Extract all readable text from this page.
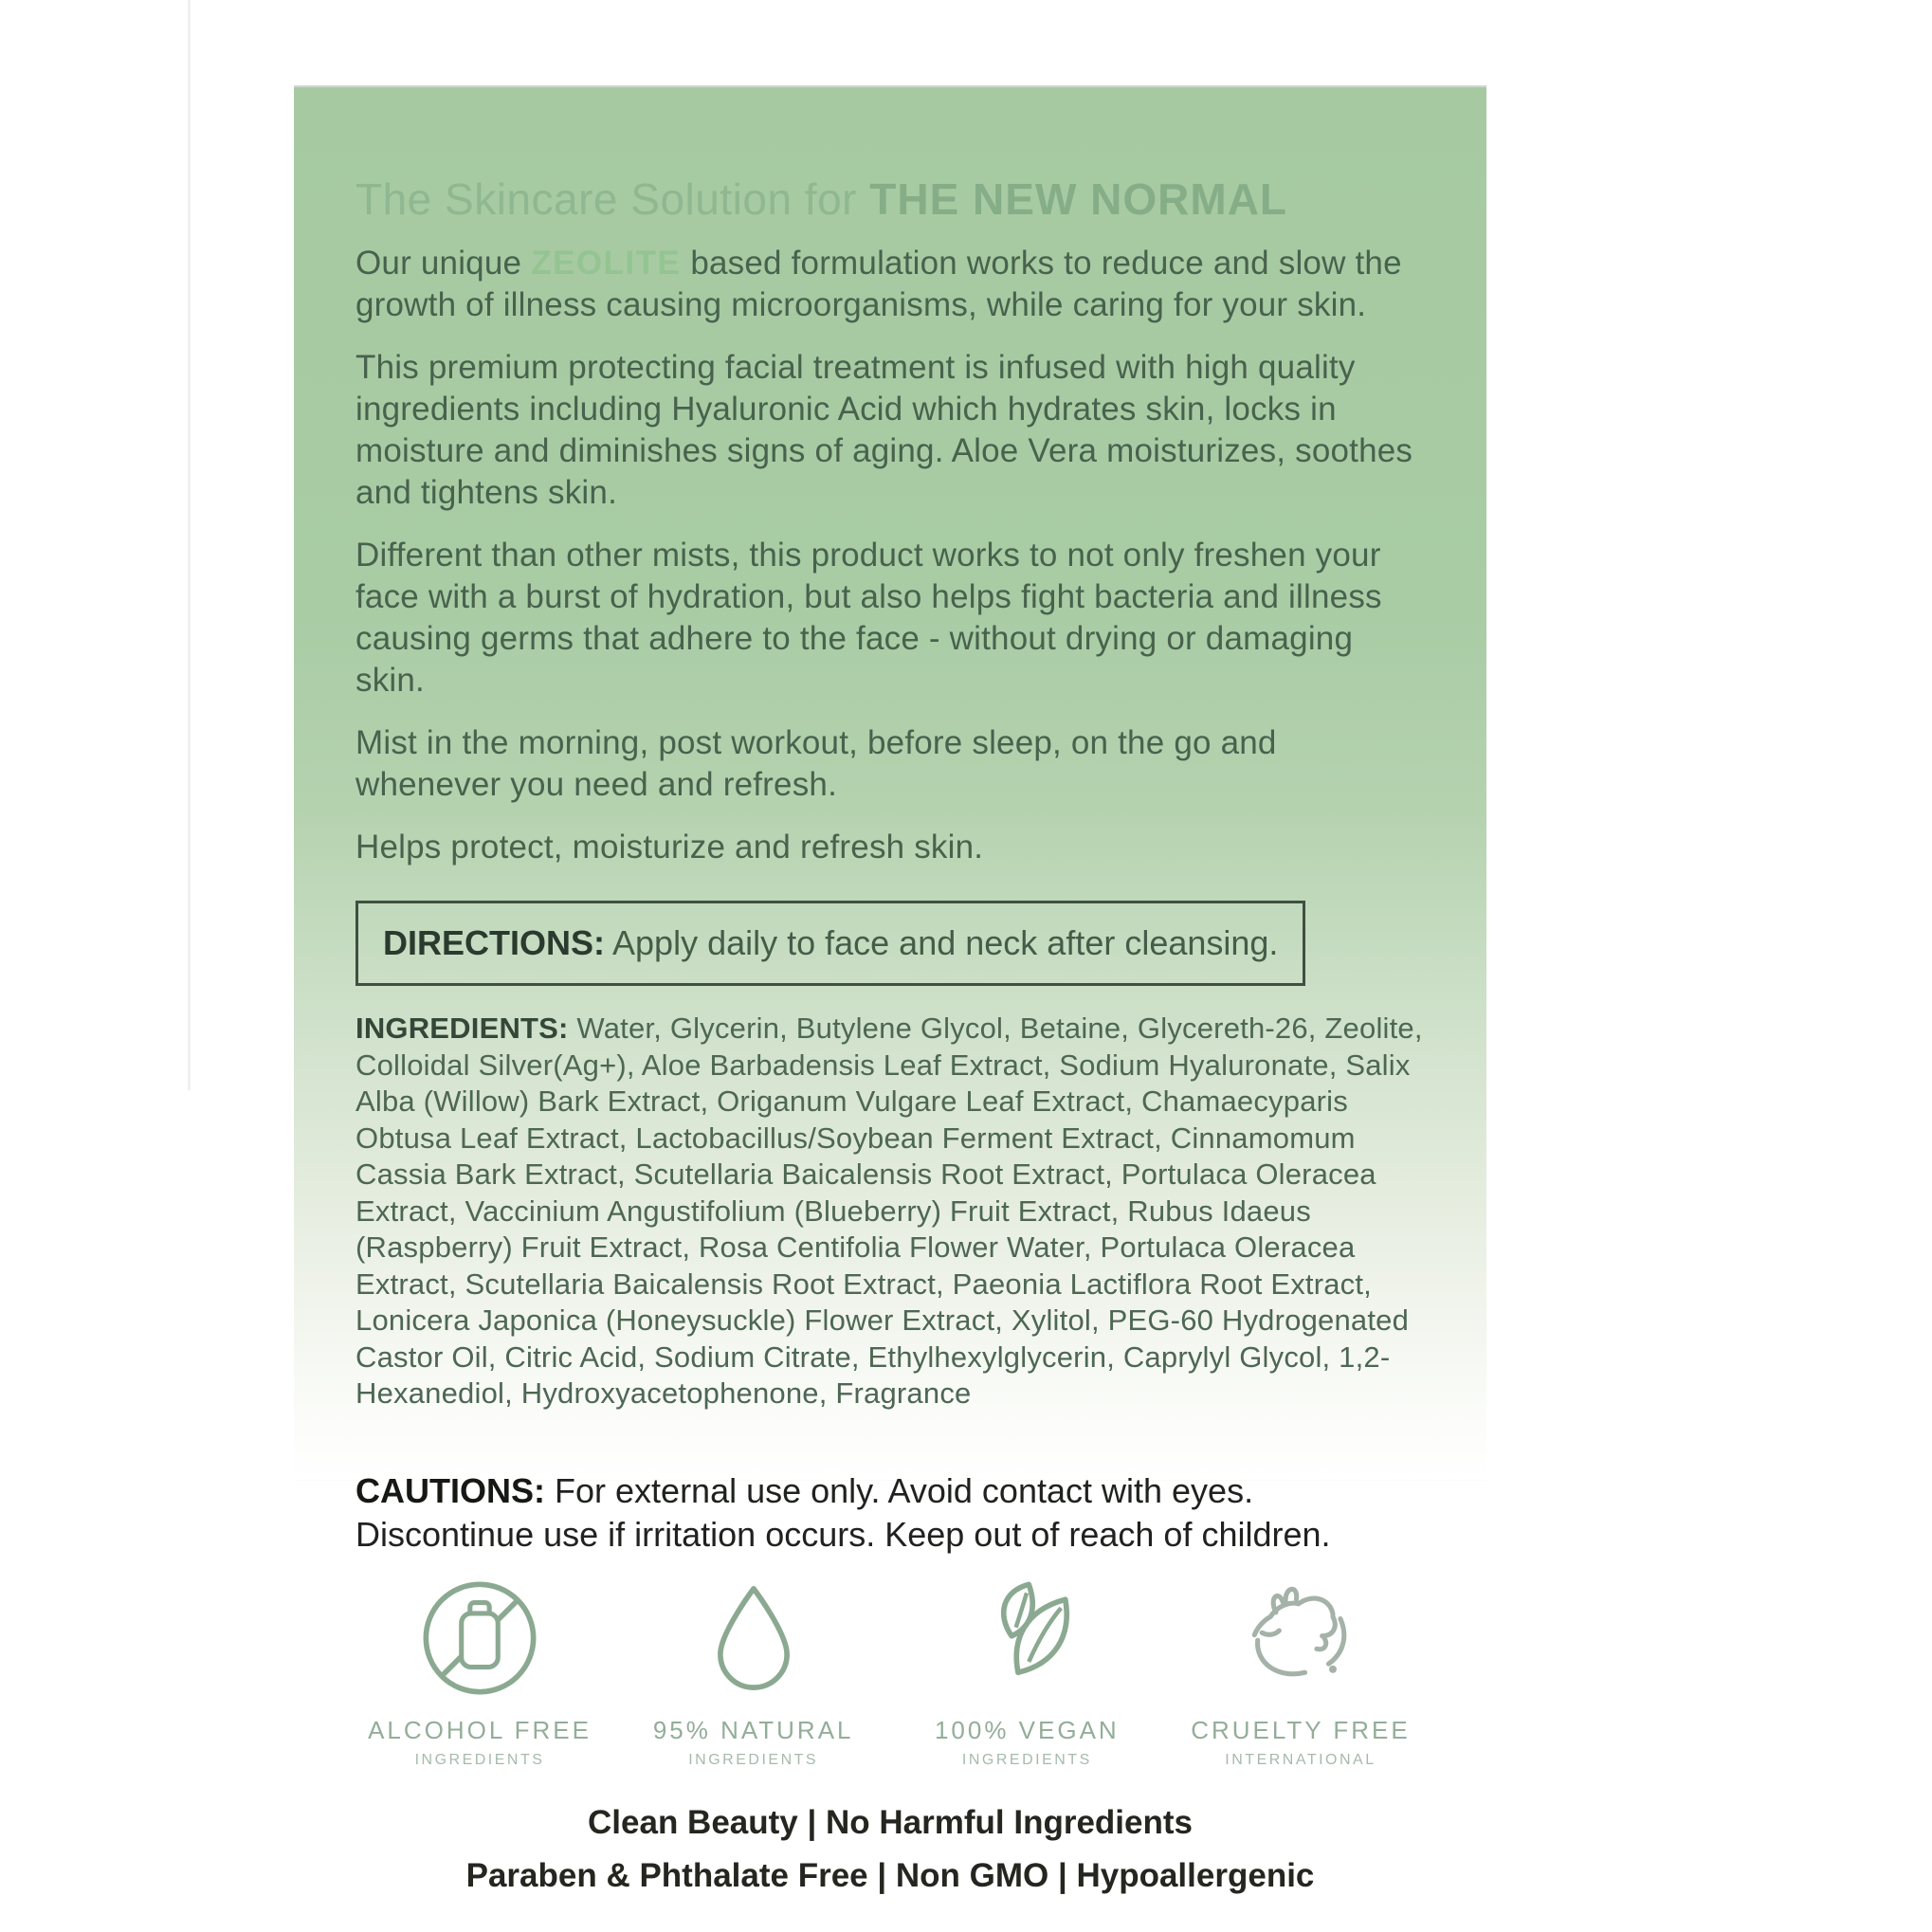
The Skincare Solution for THE NEW NORMAL

Our unique ZEOLITE based formulation works to reduce and slow the growth of illness causing microorganisms, while caring for your skin.

This premium protecting facial treatment is infused with high quality ingredients including Hyaluronic Acid which hydrates skin, locks in moisture and diminishes signs of aging. Aloe Vera moisturizes, soothes and tightens skin.

Different than other mists, this product works to not only freshen your face with a burst of hydration, but also helps fight bacteria and illness causing germs that adhere to the face - without drying or damaging skin.

Mist in the morning, post workout, before sleep, on the go and whenever you need and refresh.

Helps protect, moisturize and refresh skin.

DIRECTIONS: Apply daily to face and neck after cleansing.

INGREDIENTS: Water, Glycerin, Butylene Glycol, Betaine, Glycereth-26, Zeolite, Colloidal Silver(Ag+), Aloe Barbadensis Leaf Extract, Sodium Hyaluronate, Salix Alba (Willow) Bark Extract, Origanum Vulgare Leaf Extract, Chamaecyparis Obtusa Leaf Extract, Lactobacillus/Soybean Ferment Extract, Cinnamomum Cassia Bark Extract, Scutellaria Baicalensis Root Extract, Portulaca Oleracea Extract, Vaccinium Angustifolium (Blueberry) Fruit Extract, Rubus Idaeus (Raspberry) Fruit Extract, Rosa Centifolia Flower Water, Portulaca Oleracea Extract, Scutellaria Baicalensis Root Extract, Paeonia Lactiflora Root Extract, Lonicera Japonica (Honeysuckle) Flower Extract, Xylitol, PEG-60 Hydrogenated Castor Oil, Citric Acid, Sodium Citrate, Ethylhexylglycerin, Caprylyl Glycol, 1,2-Hexanediol, Hydroxyacetophenone, Fragrance

CAUTIONS: For external use only. Avoid contact with eyes. Discontinue use if irritation occurs. Keep out of reach of children.

ALCOHOL FREE
INGREDIENTS
95% NATURAL
INGREDIENTS
100% VEGAN
INGREDIENTS
CRUELTY FREE
INTERNATIONAL

Clean Beauty | No Harmful Ingredients

Paraben & Phthalate Free | Non GMO | Hypoallergenic
